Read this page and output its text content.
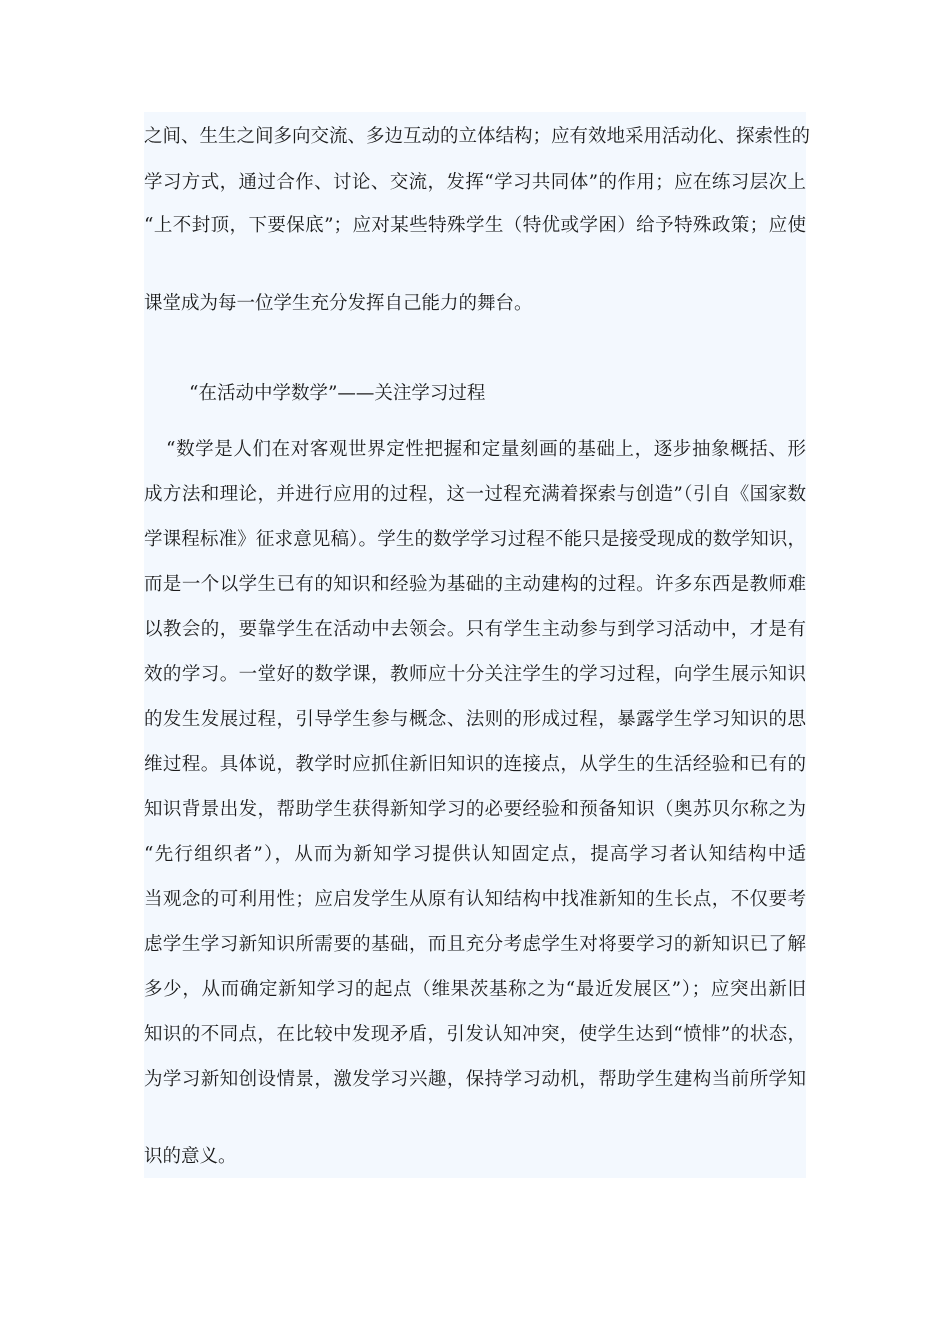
之间、生生之间多向交流、多边互动的立体结构；应有效地采用活动化、探索性的
学习方式，通过合作、讨论、交流，发挥“学习共同体”的作用；应在练习层次上
“上不封顶，下要保底”；应对某些特殊学生（特优或学困）给予特殊政策；应使
课堂成为每一位学生充分发挥自己能力的舞台。
“在活动中学数学”——关注学习过程
“数学是人们在对客观世界定性把握和定量刻画的基础上，逐步抽象概括、形
成方法和理论，并进行应用的过程，这一过程充满着探索与创造”（引自《国家数
学课程标准》征求意见稿）。学生的数学学习过程不能只是接受现成的数学知识，
而是一个以学生已有的知识和经验为基础的主动建构的过程。许多东西是教师难
以教会的，要靠学生在活动中去领会。只有学生主动参与到学习活动中，才是有
效的学习。一堂好的数学课，教师应十分关注学生的学习过程，向学生展示知识
的发生发展过程，引导学生参与概念、法则的形成过程，暴露学生学习知识的思
维过程。具体说，教学时应抓住新旧知识的连接点，从学生的生活经验和已有的
知识背景出发，帮助学生获得新知学习的必要经验和预备知识（奥苏贝尔称之为
“先行组织者”），从而为新知学习提供认知固定点，提高学习者认知结构中适
当观念的可利用性；应启发学生从原有认知结构中找准新知的生长点，不仅要考
虑学生学习新知识所需要的基础，而且充分考虑学生对将要学习的新知识已了解
多少，从而确定新知学习的起点（维果茨基称之为“最近发展区”）；应突出新旧
知识的不同点，在比较中发现矛盾，引发认知冲突，使学生达到“愤悱”的状态，
为学习新知创设情景，激发学习兴趣，保持学习动机，帮助学生建构当前所学知
识的意义。
